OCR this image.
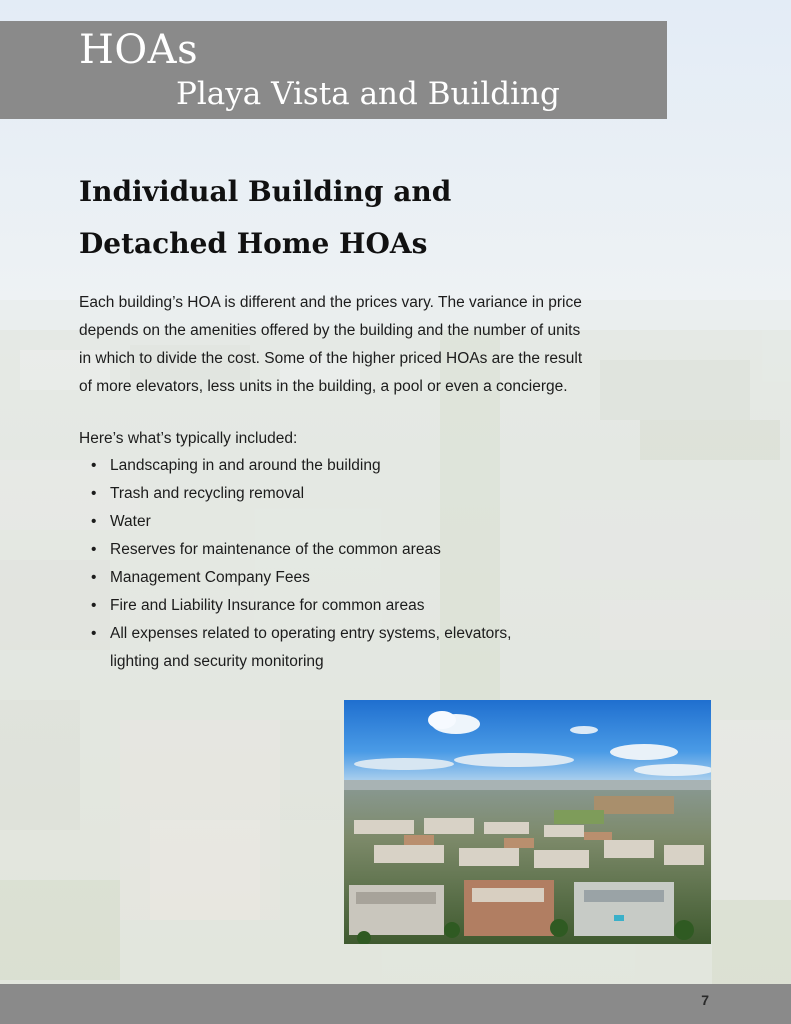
HOAs
Playa Vista and Building
Individual Building and
Detached Home HOAs

Each building’s HOA is different and the prices vary. The variance in price
depends on the amenities offered by the building and the number of units
in which to divide the cost. Some of the higher priced HOAs are the result
of more elevators, less units in the building, a pool or even a concierge.

Here’s what’s typically included:

• Landscaping in and around the building
• Trash and recycling removal
• Water
• Reserves for maintenance of the common areas
• Management Company Fees
• Fire and Liability Insurance for common areas
• All expenses related to operating entry systems, elevators,
lighting and security monitoring

7
